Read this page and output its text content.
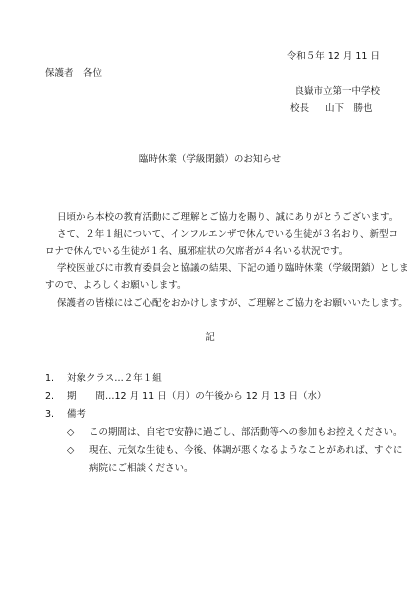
令和５年 12 月 11 日
保護者　各位
良嶽市立第一中学校
校長 山下　勝也
臨時休業（学級閉鎖）のお知らせ
日頃から本校の教育活動にご理解とご協力を賜り、誠にありがとうございます。
さて、２年１組について、インフルエンザで休んでいる生徒が３名おり、新型コ
ロナで休んでいる生徒が１名、風邪症状の欠席者が４名いる状況です。
学校医並びに市教育委員会と協議の結果、下記の通り臨時休業（学級閉鎖）としま
すので、よろしくお願いします。
保護者の皆様にはご心配をおかけしますが、ご理解とご協力をお願いいたします。
記
1. 対象クラス…２年１組
2. 期　　間…12 月 11 日（月）の午後から 12 月 13 日（水）
3. 備考
◇ この期間は、自宅で安静に過ごし、部活動等への参加もお控えください。
◇ 現在、元気な生徒も、今後、体調が悪くなるようなことがあれば、すぐに
病院にご相談ください。
